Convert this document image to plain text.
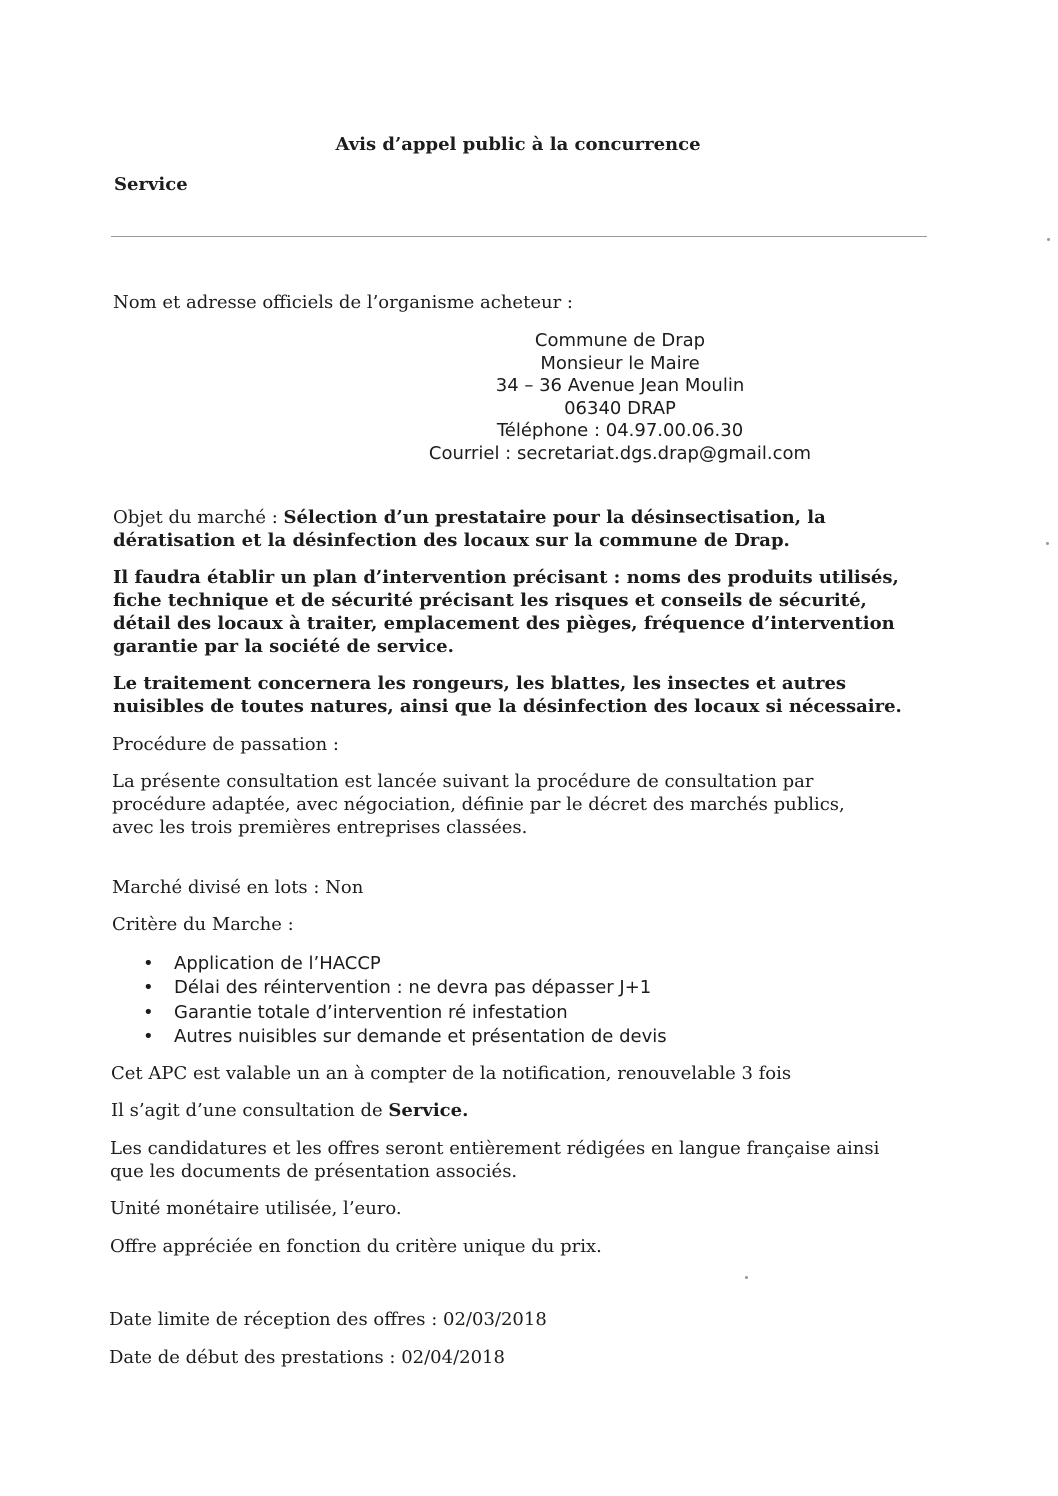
Avis d’appel public à la concurrence
Service
Nom et adresse officiels de l’organisme acheteur :
Commune de Drap
Monsieur le Maire
34 – 36 Avenue Jean Moulin
06340 DRAP
Téléphone : 04.97.00.06.30
Courriel : secretariat.dgs.drap@gmail.com
Objet du marché : Sélection d’un prestataire pour la désinsectisation, la
dératisation et la désinfection des locaux sur la commune de Drap.
Il faudra établir un plan d’intervention précisant : noms des produits utilisés,
fiche technique et de sécurité précisant les risques et conseils de sécurité,
détail des locaux à traiter, emplacement des pièges, fréquence d’intervention
garantie par la société de service.
Le traitement concernera les rongeurs, les blattes, les insectes et autres
nuisibles de toutes natures, ainsi que la désinfection des locaux si nécessaire.
Procédure de passation :
La présente consultation est lancée suivant la procédure de consultation par
procédure adaptée, avec négociation, définie par le décret des marchés publics,
avec les trois premières entreprises classées.
Marché divisé en lots : Non
Critère du Marche :
• Application de l’HACCP
• Délai des réintervention : ne devra pas dépasser J+1
• Garantie totale d’intervention ré infestation
• Autres nuisibles sur demande et présentation de devis
Cet APC est valable un an à compter de la notification, renouvelable 3 fois
Il s’agit d’une consultation de Service.
Les candidatures et les offres seront entièrement rédigées en langue française ainsi
que les documents de présentation associés.
Unité monétaire utilisée, l’euro.
Offre appréciée en fonction du critère unique du prix.
Date limite de réception des offres : 02/03/2018
Date de début des prestations : 02/04/2018
